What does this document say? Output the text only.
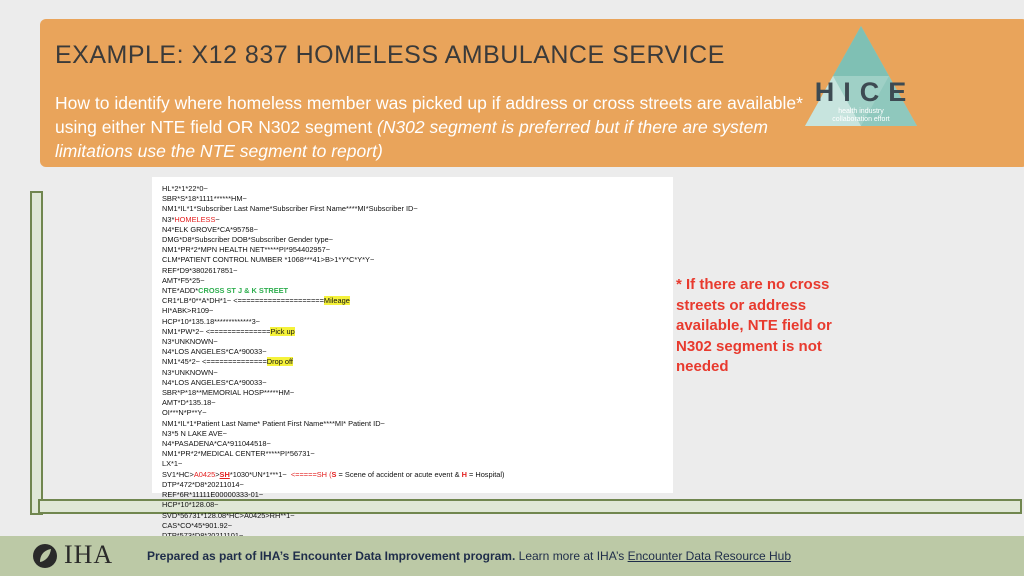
EXAMPLE: X12 837 HOMELESS AMBULANCE SERVICE
How to identify where homeless member was picked up if address or cross streets are available* using either NTE field OR N302 segment (N302 segment is preferred but if there are system limitations use the NTE segment to report)
HICE
health industry collaboration effort
HL*2*1*22*0~
SBR*S*18*1111******HM~
NM1*IL*1*Subscriber Last Name*Subscriber First Name****MI*Subscriber ID~
N3*HOMELESS~
N4*ELK GROVE*CA*95758~
DMG*D8*Subscriber DOB*Subscriber Gender type~
NM1*PR*2*MPN HEALTH NET*****PI*954402957~
CLM*PATIENT CONTROL NUMBER *1068***41>B>1*Y*C*Y*Y~
REF*D9*3802617851~
AMT*F5*25~
NTE*ADD*CROSS ST J & K STREET
CR1*LB*0**A*DH*1~ <====================Mileage
HI*ABK>R109~
HCP*10*135.18*************3~
NM1*PW*2~ <==============Pick up
N3*UNKNOWN~
N4*LOS ANGELES*CA*90033~
NM1*45*2~ <==============Drop off
N3*UNKNOWN~
N4*LOS ANGELES*CA*90033~
SBR*P*18**MEMORIAL HOSP*****HM~
AMT*D*135.18~
OI***N*P**Y~
NM1*IL*1*Patient Last Name* Patient First Name****MI* Patient ID~
N3*5 N LAKE AVE~
N4*PASADENA*CA*911044518~
NM1*PR*2*MEDICAL CENTER*****PI*56731~
LX*1~
SV1*HC>A0425>SH*1030*UN*1***1~  <=====SH (S = Scene of accident or acute event & H = Hospital)
DTP*472*D8*20211014~
REF*6R*11111E00000333-01~
HCP*10*128.08~
SVD*56731*128.08*HC>A0425>RH**1~
CAS*CO*45*901.92~

* If there are no cross streets or address available, NTE field or N302 segment is not needed
IHA	Prepared as part of IHA’s Encounter Data Improvement program. Learn more at IHA’s Encounter Data Resource Hub
